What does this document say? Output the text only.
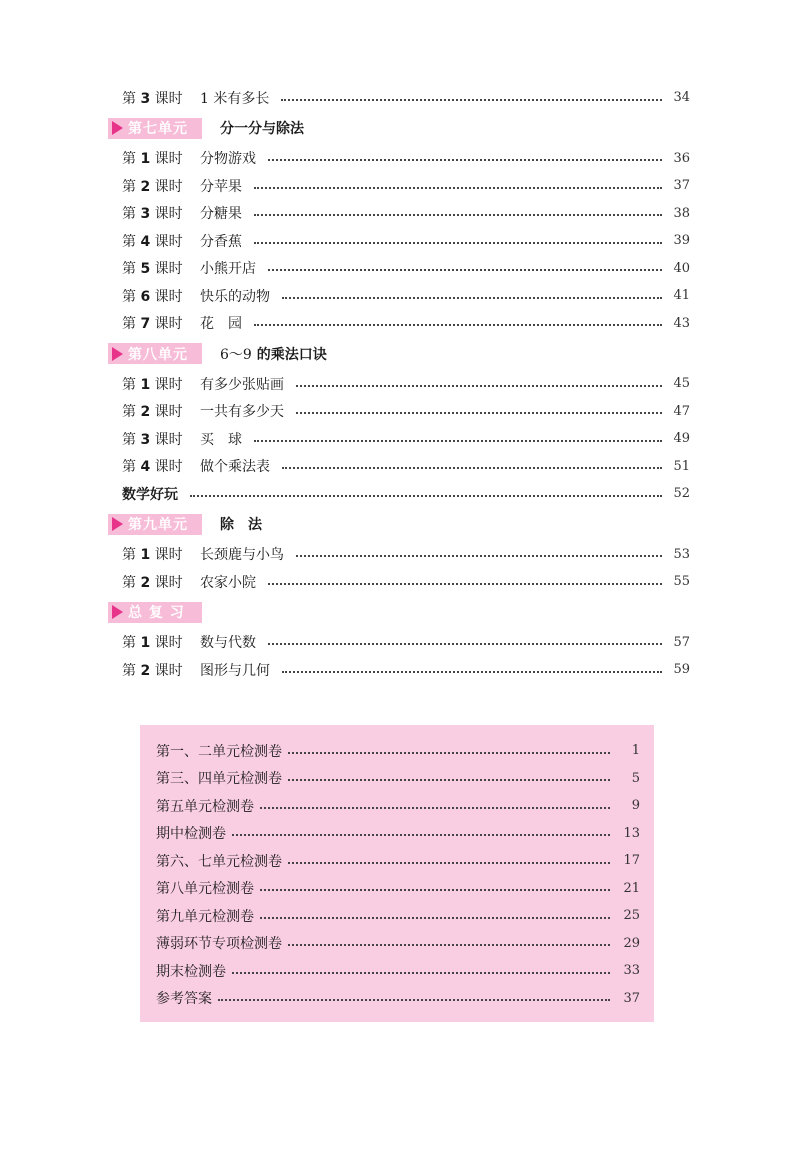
第 3 课时	1 米有多长	34
第七单元 分一分与除法
第 1 课时	分物游戏	36
第 2 课时	分苹果	37
第 3 课时	分糖果	38
第 4 课时	分香蕉	39
第 5 课时	小熊开店	40
第 6 课时	快乐的动物	41
第 7 课时	花　园	43
第八单元 6～9 的乘法口诀
第 1 课时	有多少张贴画	45
第 2 课时	一共有多少天	47
第 3 课时	买　球	49
第 4 课时	做个乘法表	51
数学好玩	52
第九单元 除　法
第 1 课时	长颈鹿与小鸟	53
第 2 课时	农家小院	55
总 复 习
第 1 课时	数与代数	57
第 2 课时	图形与几何	59
第一、二单元检测卷	1
第三、四单元检测卷	5
第五单元检测卷	9
期中检测卷	13
第六、七单元检测卷	17
第八单元检测卷	21
第九单元检测卷	25
薄弱环节专项检测卷	29
期末检测卷	33
参考答案	37
